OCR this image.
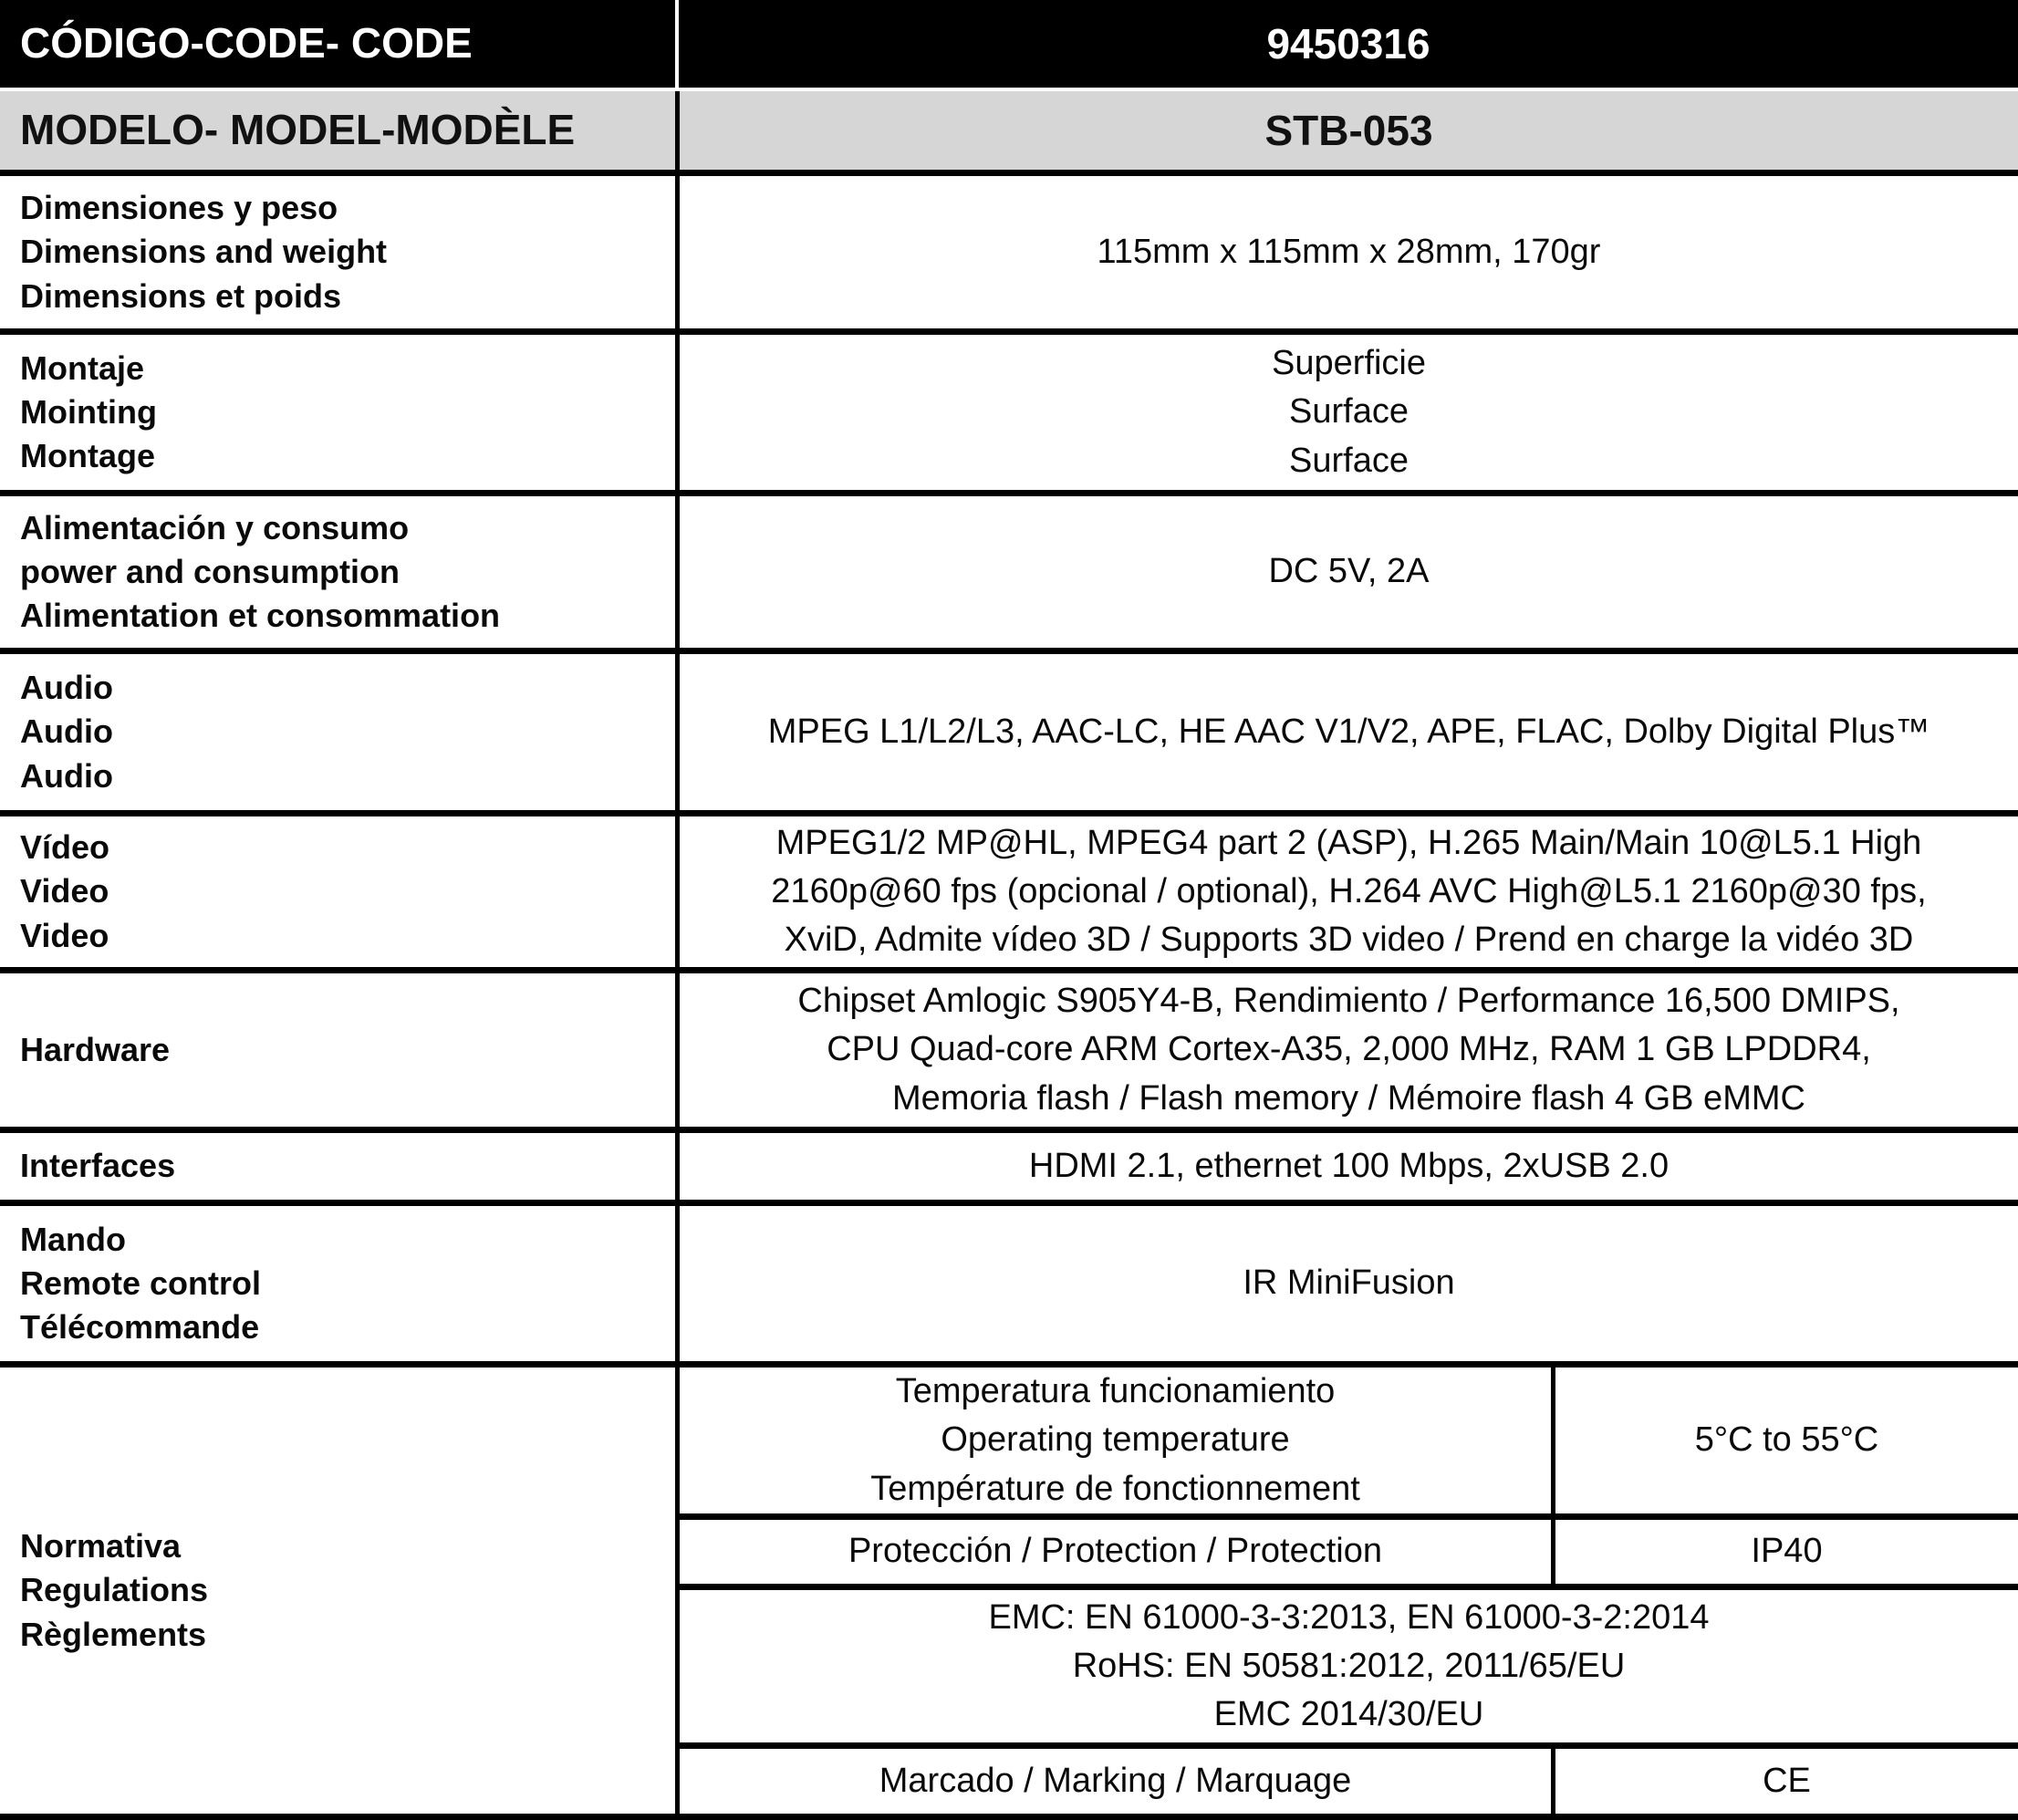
CÓDIGO-CODE- CODE	9450316
MODELO- MODEL-MODÈLE	STB-053
Dimensiones y peso
Dimensions and weight
Dimensions et poids
115mm x 115mm x 28mm, 170gr
Montaje
Mointing
Montage
Superficie
Surface
Surface
Alimentación y consumo
power and consumption
Alimentation et consommation
DC 5V, 2A
Audio
Audio
Audio
MPEG L1/L2/L3, AAC-LC, HE AAC V1/V2, APE, FLAC, Dolby Digital Plus™
Vídeo
Video
Video
MPEG1/2 MP@HL, MPEG4 part 2 (ASP), H.265 Main/Main 10@L5.1 High
2160p@60 fps (opcional / optional), H.264 AVC High@L5.1 2160p@30 fps,
XviD, Admite vídeo 3D / Supports 3D video / Prend en charge la vidéo 3D
Hardware
Chipset Amlogic S905Y4-B, Rendimiento / Performance 16,500 DMIPS,
CPU Quad-core ARM Cortex-A35, 2,000 MHz, RAM 1 GB LPDDR4,
Memoria flash / Flash memory / Mémoire flash 4 GB eMMC
Interfaces	HDMI 2.1, ethernet 100 Mbps, 2xUSB 2.0
Mando
Remote control
Télécommande
IR MiniFusion
Normativa
Regulations
Règlements
Temperatura funcionamiento
Operating temperature
Température de fonctionnement
5°C to 55°C
Protección / Protection / Protection	IP40
EMC: EN 61000-3-3:2013, EN 61000-3-2:2014
RoHS: EN 50581:2012, 2011/65/EU
EMC 2014/30/EU
Marcado / Marking / Marquage	CE
